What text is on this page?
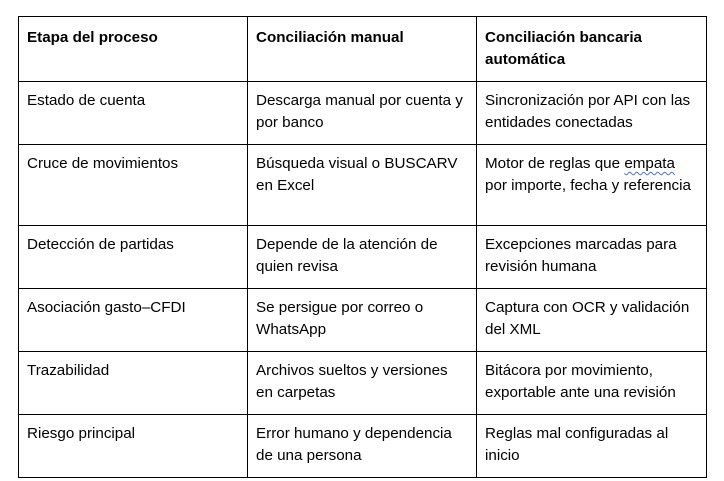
Etapa del proceso	Conciliación manual	Conciliación bancaria automática
Estado de cuenta	Descarga manual por cuenta y por banco	Sincronización por API con las entidades conectadas
Cruce de movimientos	Búsqueda visual o BUSCARV en Excel	Motor de reglas que empata por importe, fecha y referencia
Detección de partidas	Depende de la atención de quien revisa	Excepciones marcadas para revisión humana
Asociación gasto–CFDI	Se persigue por correo o WhatsApp	Captura con OCR y validación del XML
Trazabilidad	Archivos sueltos y versiones en carpetas	Bitácora por movimiento, exportable ante una revisión
Riesgo principal	Error humano y dependencia de una persona	Reglas mal configuradas al inicio
